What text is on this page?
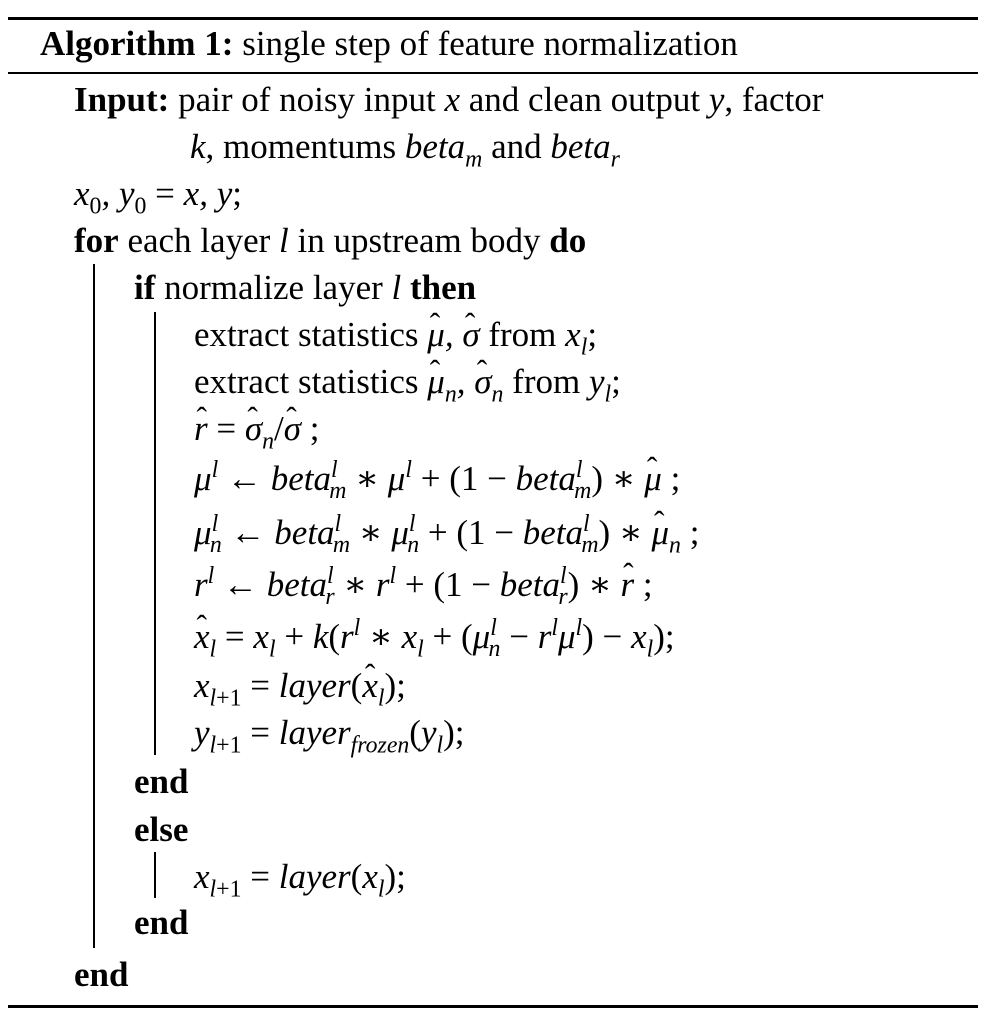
Algorithm 1: single step of feature normalization
Input: pair of noisy input x and clean output y, factor
k, momentums beta$_m$ and beta$_r$
$x_0$, $y_0 = x$, y;
for each layer l in upstream body do
if normalize layer l then
extract statistics ˆ μ, ˆ σ from $x_l$;
extract statistics ˆ $\mu_n$, ˆ $\sigma_n$ from $y_l$;
ˆ r = ˆ $\sigma_n/ˆ$ σ ;
$\mu^l$ ← beta$^l_m$ ∗ $\mu^l + (1$ − beta$^l_m$) ∗ ˆ μ ;
$\mu^l_n$ ← beta$^l_m$ ∗ $\mu^l_n + (1$ − beta$^l_m$) ∗ ˆ $\mu_n$ ;
$r^l$ ← beta$^l_r$ ∗ $r^l + (1$ − beta$^l_r$) ∗ ˆ r ;
ˆ $x_l = x_l + k(r^l$ ∗ $x_l + (\mu^l_n - r^l\mu^l) - x_l$);
$x_{l+1}$ = layer(ˆ $x_l$);
$y_{l+1}$ = $layer_{frozen}(y_l)$;
end
else
$x_{l+1}$ = $layer(x_l)$;
end
end
